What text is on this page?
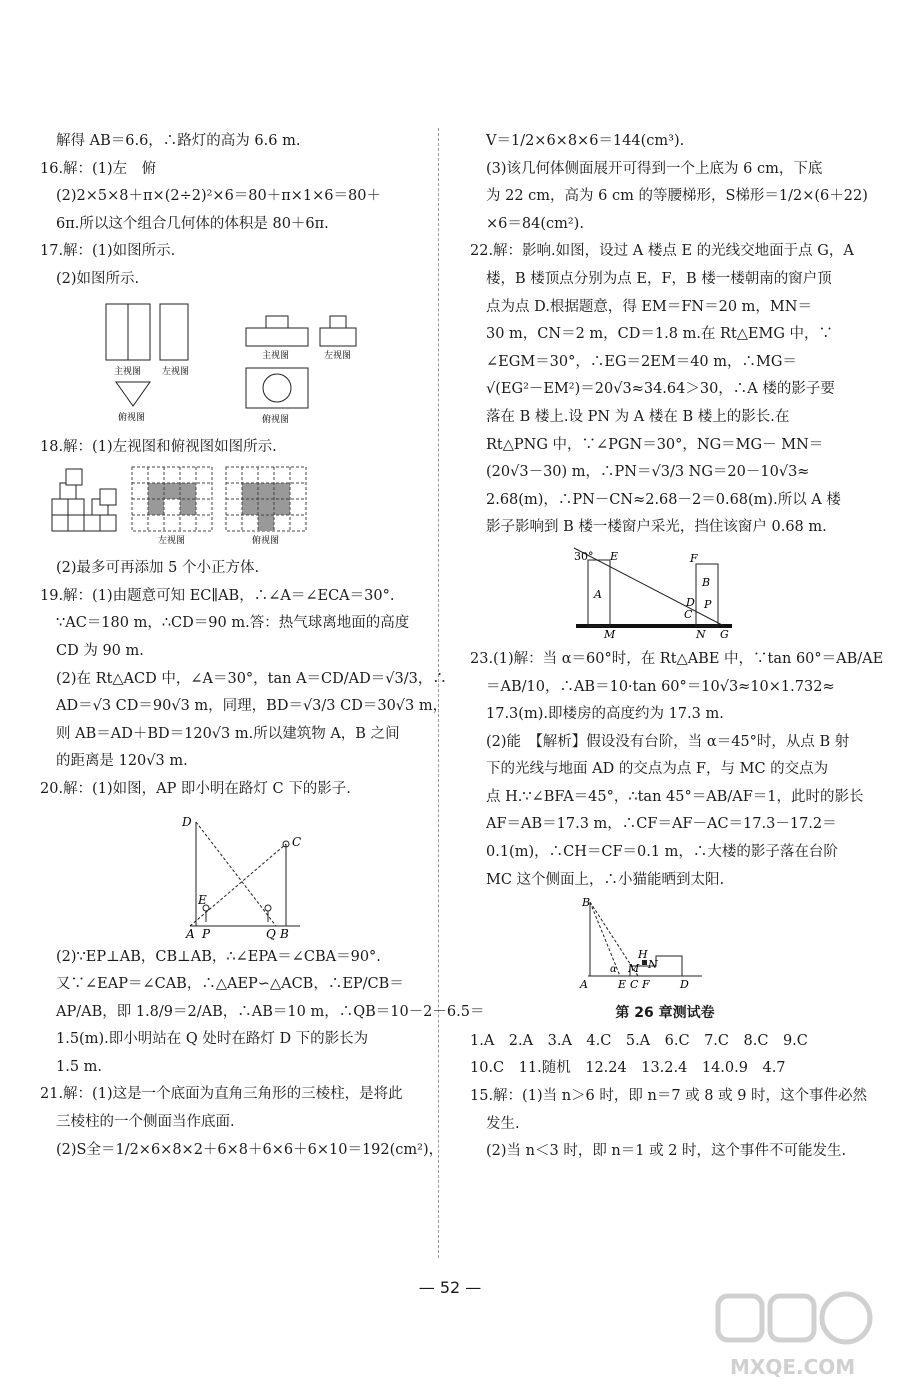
解得 AB＝6.6，∴路灯的高为 6.6 m.
16.解：(1)左　俯
(2)2×5×8＋π×(2÷2)²×6＝80＋π×1×6＝80＋
6π.所以这个组合几何体的体积是 80＋6π.
17.解：(1)如图所示.
(2)如图所示.
主视图 左视图
俯视图
主视图	左视图
俯视图
18.解：(1)左视图和俯视图如图所示.
左视图	俯视图
(2)最多可再添加 5 个小正方体.
19.解：(1)由题意可知 EC∥AB，∴∠A＝∠ECA＝30°.
∵AC＝180 m，∴CD＝90 m.答：热气球离地面的高度
CD 为 90 m.
(2)在 Rt△ACD 中，∠A＝30°，tan A＝CD/AD＝√3/3，∴
AD＝√3 CD＝90√3 m，同理，BD＝√3/3 CD＝30√3 m，
则 AB＝AD＋BD＝120√3 m.所以建筑物 A，B 之间
的距离是 120√3 m.
20.解：(1)如图，AP 即小明在路灯 C 下的影子.
D
C
E
A P	Q B
(2)∵EP⊥AB，CB⊥AB，∴∠EPA＝∠CBA＝90°.
又∵∠EAP＝∠CAB，∴△AEP∽△ACB，∴EP/CB＝
AP/AB，即 1.8/9＝2/AB，∴AB＝10 m，∴QB＝10－2－6.5＝
1.5(m).即小明站在 Q 处时在路灯 D 下的影长为
1.5 m.
21.解：(1)这是一个底面为直角三角形的三棱柱，是将此
三棱柱的一个侧面当作底面.
(2)S全＝1/2×6×8×2＋6×8＋6×6＋6×10＝192(cm²)，
V＝1/2×6×8×6＝144(cm³).
(3)该几何体侧面展开可得到一个上底为 6 cm，下底
为 22 cm，高为 6 cm 的等腰梯形，S梯形＝1/2×(6＋22)
×6＝84(cm²).
22.解：影响.如图，设过 A 楼点 E 的光线交地面于点 G，A
楼，B 楼顶点分别为点 E，F，B 楼一楼朝南的窗户顶
点为点 D.根据题意，得 EM＝FN＝20 m，MN＝
30 m，CN＝2 m，CD＝1.8 m.在 Rt△EMG 中，∵
∠EGM＝30°，∴EG＝2EM＝40 m，∴MG＝
√(EG²－EM²)＝20√3≈34.64＞30，∴A 楼的影子要
落在 B 楼上.设 PN 为 A 楼在 B 楼上的影长.在
Rt△PNG 中，∵∠PGN＝30°，NG＝MG－ MN＝
(20√3－30) m，∴PN＝√3/3 NG＝20－10√3≈
2.68(m)，∴PN－CN≈2.68－2＝0.68(m).所以 A 楼
影子影响到 B 楼一楼窗户采光，挡住该窗户 0.68 m.
30° E
A
B
F
D P
C
M	N G
23.(1)解：当 α＝60°时，在 Rt△ABE 中，∵tan 60°＝AB/AE
＝AB/10，∴AB＝10·tan 60°＝10√3≈10×1.732≈
17.3(m).即楼房的高度约为 17.3 m.
(2)能　【解析】假设没有台阶，当 α＝45°时，从点 B 射
下的光线与地面 AD 的交点为点 F，与 MC 的交点为
点 H.∵∠BFA＝45°，∴tan 45°＝AB/AF＝1，此时的影长
AF＝AB＝17.3 m，∴CF＝AF－AC＝17.3－17.2＝
0.1(m)，∴CH＝CF＝0.1 m，∴大楼的影子落在台阶
MC 这个侧面上，∴小猫能晒到太阳.
B
A
α
E
M
H
N
C F	D
第 26 章测试卷
1.A　2.A　3.A　4.C　5.A　6.C　7.C　8.C　9.C
10.C　11.随机　12.24　13.2.4　14.0.9　4.7
15.解：(1)当 n＞6 时，即 n＝7 或 8 或 9 时，这个事件必然
发生.
(2)当 n＜3 时，即 n＝1 或 2 时，这个事件不可能发生.
— 52 —
MXQE.COM
